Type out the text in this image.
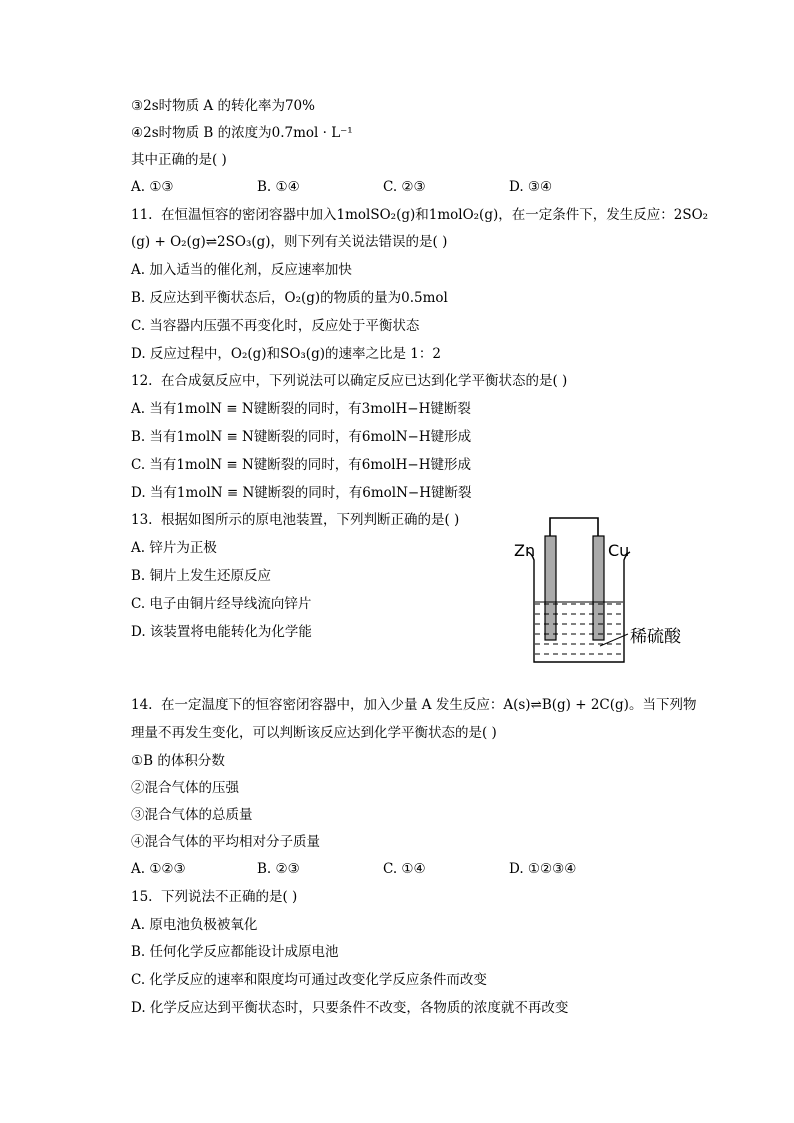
③2s时物质 A 的转化率为70%
④2s时物质 B 的浓度为0.7mol · L⁻¹
其中正确的是( )
A. ①③	B. ①④	C. ②③	D. ③④
11. 在恒温恒容的密闭容器中加入1molSO₂(g)和1molO₂(g)，在一定条件下，发生反应：2SO₂
(g) + O₂(g)⇌2SO₃(g)，则下列有关说法错误的是( )
A. 加入适当的催化剂，反应速率加快
B. 反应达到平衡状态后，O₂(g)的物质的量为0.5mol
C. 当容器内压强不再变化时，反应处于平衡状态
D. 反应过程中，O₂(g)和SO₃(g)的速率之比是 1：2
12. 在合成氨反应中，下列说法可以确定反应已达到化学平衡状态的是( )
A. 当有1molN ≡ N键断裂的同时，有3molH−H键断裂
B. 当有1molN ≡ N键断裂的同时，有6molN−H键形成
C. 当有1molN ≡ N键断裂的同时，有6molH−H键形成
D. 当有1molN ≡ N键断裂的同时，有6molN−H键断裂
13. 根据如图所示的原电池装置，下列判断正确的是( )
A. 锌片为正极
B. 铜片上发生还原反应
C. 电子由铜片经导线流向锌片
D. 该装置将电能转化为化学能
Zn	Cu
稀硫酸
14. 在一定温度下的恒容密闭容器中，加入少量 A 发生反应：A(s)⇌B(g) + 2C(g)。当下列物
理量不再发生变化，可以判断该反应达到化学平衡状态的是( )
①B 的体积分数
②混合气体的压强
③混合气体的总质量
④混合气体的平均相对分子质量
A. ①②③	B. ②③	C. ①④	D. ①②③④
15. 下列说法不正确的是( )
A. 原电池负极被氧化
B. 任何化学反应都能设计成原电池
C. 化学反应的速率和限度均可通过改变化学反应条件而改变
D. 化学反应达到平衡状态时，只要条件不改变，各物质的浓度就不再改变
